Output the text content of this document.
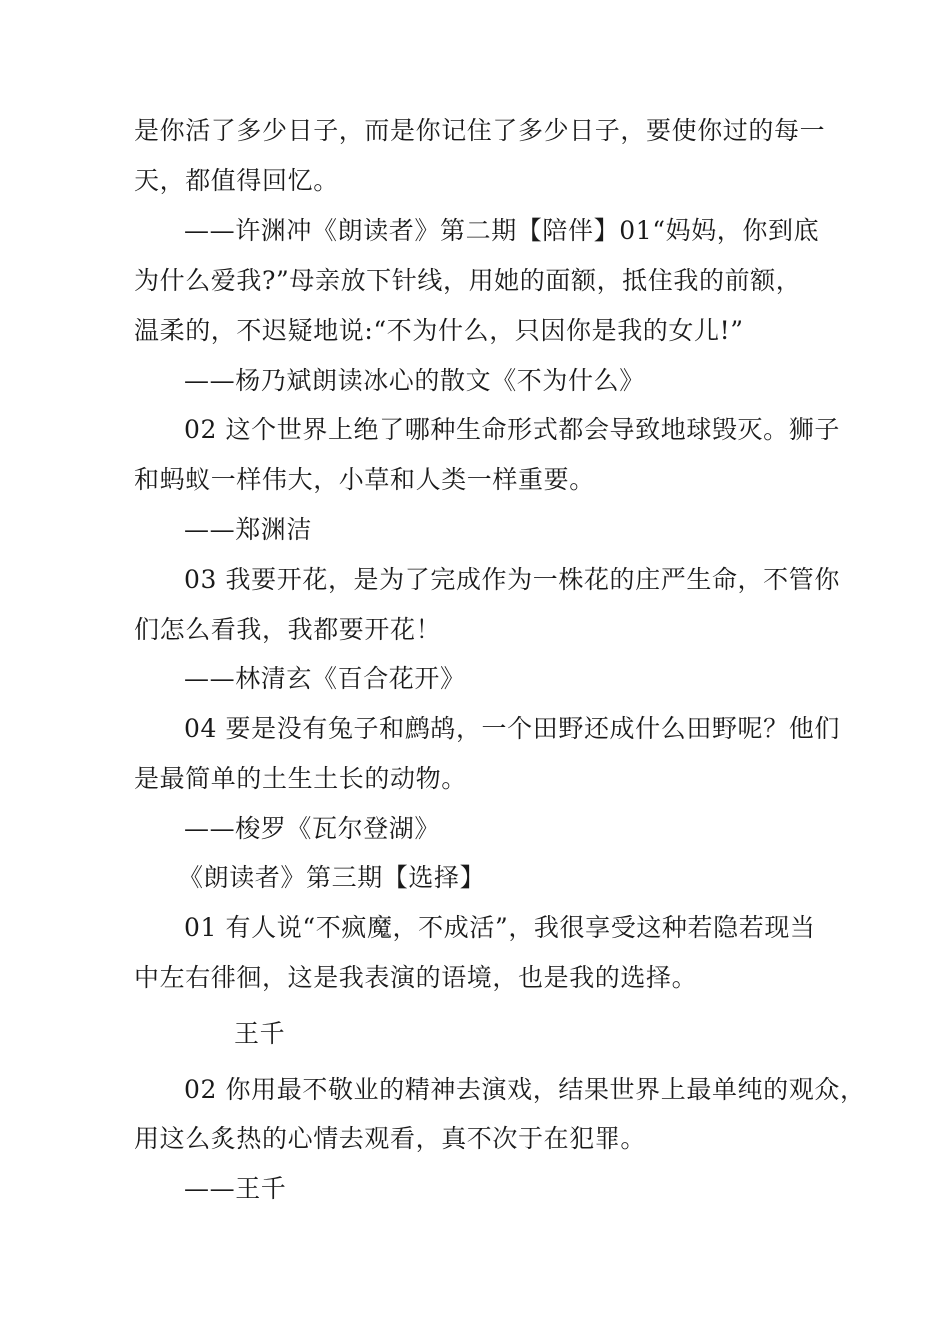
是你活了多少日子，而是你记住了多少日子，要使你过的每一
天，都值得回忆。
——许渊冲《朗读者》第二期【陪伴】01“妈妈，你到底
为什么爱我?”母亲放下针线，用她的面额，抵住我的前额，
温柔的，不迟疑地说:“不为什么，只因你是我的女儿!”
——杨乃斌朗读冰心的散文《不为什么》
02 这个世界上绝了哪种生命形式都会导致地球毁灭。狮子
和蚂蚁一样伟大，小草和人类一样重要。
——郑渊洁
03 我要开花，是为了完成作为一株花的庄严生命，不管你
们怎么看我，我都要开花！
——林清玄《百合花开》
04 要是没有兔子和鹧鸪，一个田野还成什么田野呢？他们
是最简单的土生土长的动物。
——梭罗《瓦尔登湖》
《朗读者》第三期【选择】
01 有人说“不疯魔，不成活”，我很享受这种若隐若现当
中左右徘徊，这是我表演的语境，也是我的选择。
王千
02 你用最不敬业的精神去演戏，结果世界上最单纯的观众，
用这么炙热的心情去观看，真不次于在犯罪。
——王千
